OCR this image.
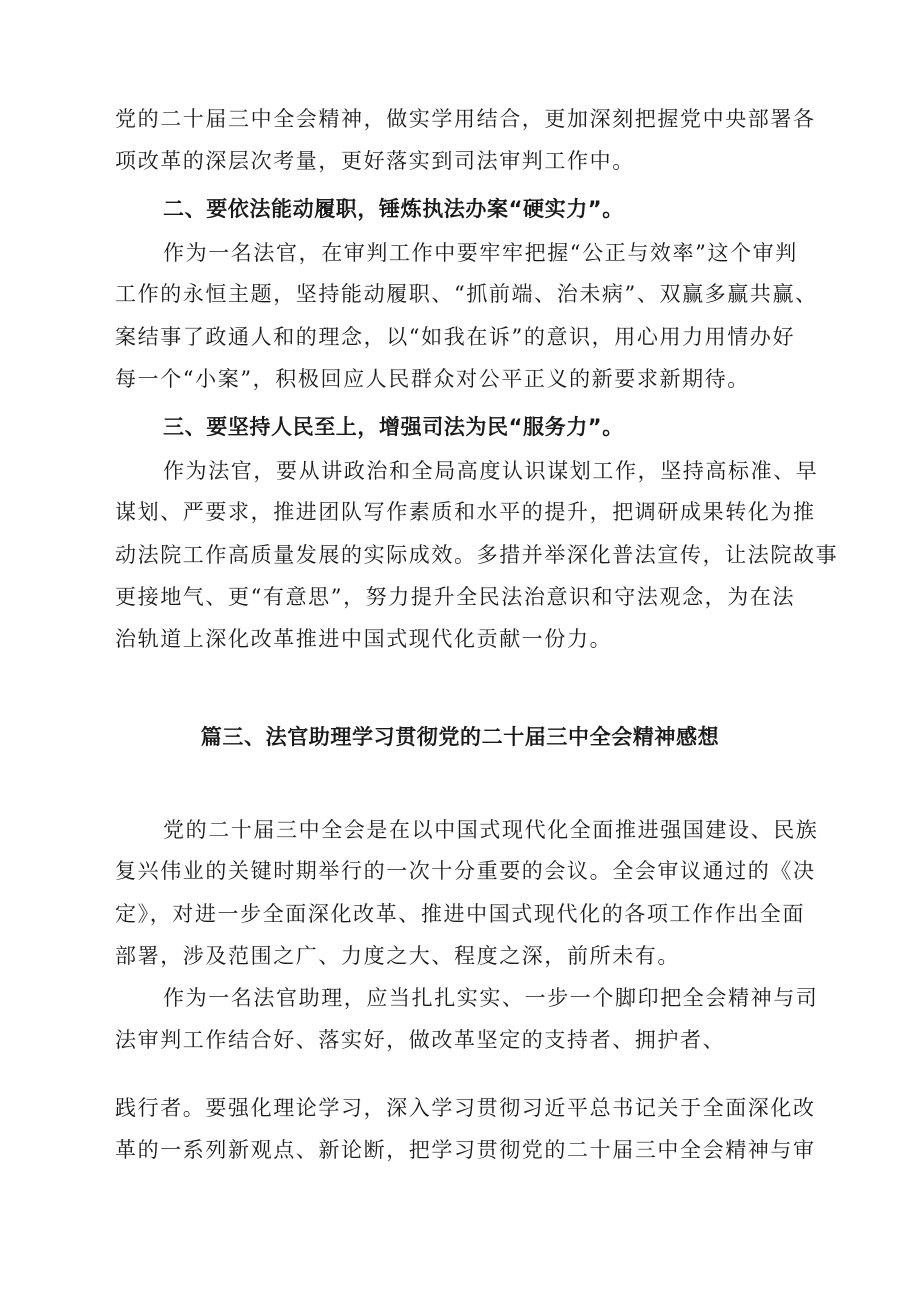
党的二十届三中全会精神，做实学用结合，更加深刻把握党中央部署各
项改革的深层次考量，更好落实到司法审判工作中。
二、要依法能动履职，锤炼执法办案“硬实力”。
作为一名法官，在审判工作中要牢牢把握“公正与效率”这个审判
工作的永恒主题，坚持能动履职、“抓前端、治未病”、双赢多赢共赢、
案结事了政通人和的理念，以“如我在诉”的意识，用心用力用情办好
每一个“小案”，积极回应人民群众对公平正义的新要求新期待。
三、要坚持人民至上，增强司法为民“服务力”。
作为法官，要从讲政治和全局高度认识谋划工作，坚持高标准、早
谋划、严要求，推进团队写作素质和水平的提升，把调研成果转化为推
动法院工作高质量发展的实际成效。多措并举深化普法宣传，让法院故事
更接地气、更“有意思”，努力提升全民法治意识和守法观念，为在法
治轨道上深化改革推进中国式现代化贡献一份力。
篇三、法官助理学习贯彻党的二十届三中全会精神感想
党的二十届三中全会是在以中国式现代化全面推进强国建设、民族
复兴伟业的关键时期举行的一次十分重要的会议。全会审议通过的《决
定》，对进一步全面深化改革、推进中国式现代化的各项工作作出全面
部署，涉及范围之广、力度之大、程度之深，前所未有。
作为一名法官助理，应当扎扎实实、一步一个脚印把全会精神与司
法审判工作结合好、落实好，做改革坚定的支持者、拥护者、
践行者。要强化理论学习，深入学习贯彻习近平总书记关于全面深化改
革的一系列新观点、新论断，把学习贯彻党的二十届三中全会精神与审
